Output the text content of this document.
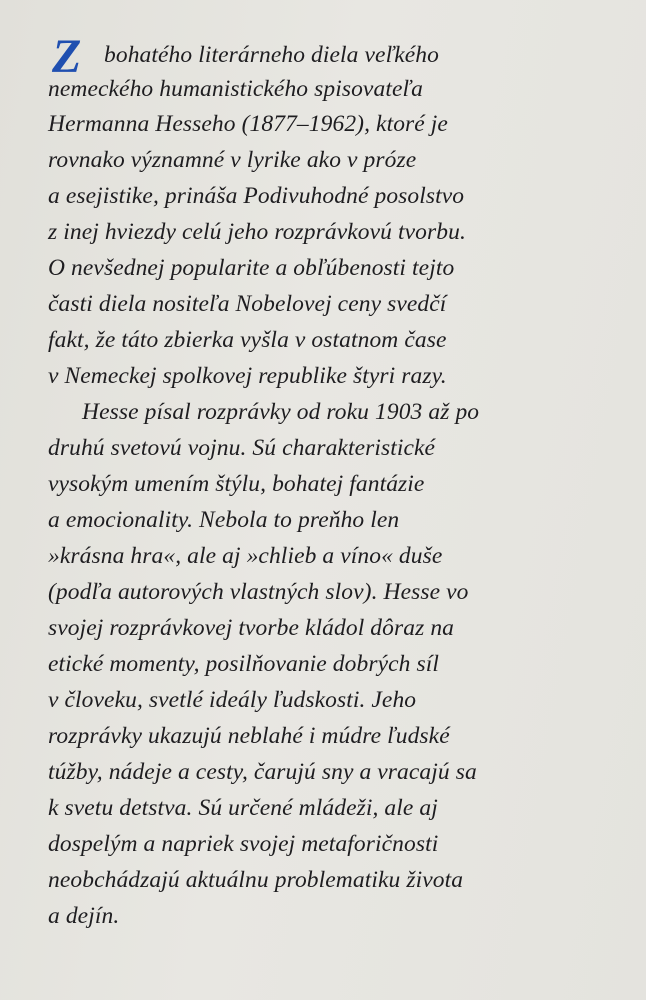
Z bohatého literárneho diela veľkého
nemeckého humanistického spisovateľa
Hermanna Hesseho (1877–1962), ktoré je
rovnako významné v lyrike ako v próze
a esejistike, prináša Podivuhodné posolstvo
z inej hviezdy celú jeho rozprávkovú tvorbu.
O nevšednej popularite a obľúbenosti tejto
časti diela nositeľa Nobelovej ceny svedčí
fakt, že táto zbierka vyšla v ostatnom čase
v Nemeckej spolkovej republike štyri razy.
Hesse písal rozprávky od roku 1903 až po
druhú svetovú vojnu. Sú charakteristické
vysokým umením štýlu, bohatej fantázie
a emocionality. Nebola to preňho len
»krásna hra«, ale aj »chlieb a víno« duše
(podľa autorových vlastných slov). Hesse vo
svojej rozprávkovej tvorbe kládol dôraz na
etické momenty, posilňovanie dobrých síl
v človeku, svetlé ideály ľudskosti. Jeho
rozprávky ukazujú neblahé i múdre ľudské
túžby, nádeje a cesty, čarujú sny a vracajú sa
k svetu detstva. Sú určené mládeži, ale aj
dospelým a napriek svojej metaforičnosti
neobchádzajú aktuálnu problematiku života
a dejín.
